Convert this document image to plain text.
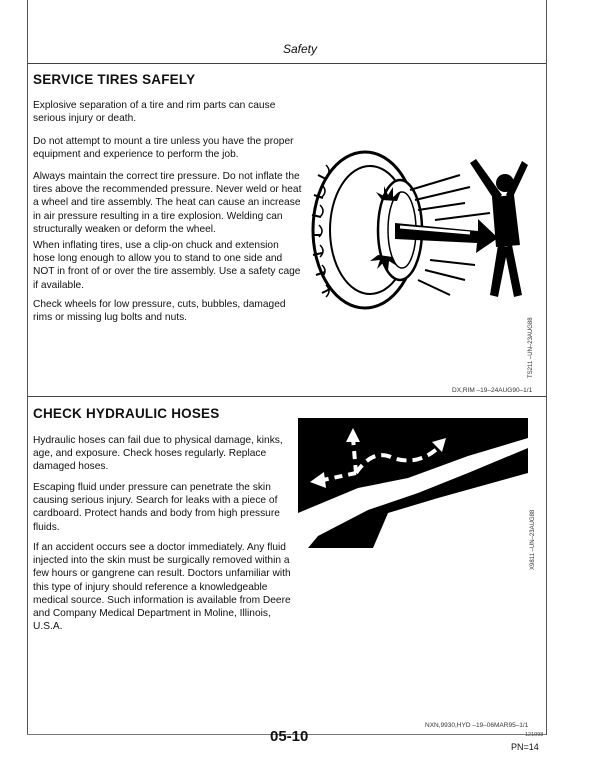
Safety
SERVICE TIRES SAFELY

Explosive separation of a tire and rim parts can cause serious injury or death.

Do not attempt to mount a tire unless you have the proper equipment and experience to perform the job.

Always maintain the correct tire pressure. Do not inflate the tires above the recommended pressure. Never weld or heat a wheel and tire assembly. The heat can cause an increase in air pressure resulting in a tire explosion. Welding can structurally weaken or deform the wheel.

When inflating tires, use a clip-on chuck and extension hose long enough to allow you to stand to one side and NOT in front of or over the tire assembly. Use a safety cage if available.

Check wheels for low pressure, cuts, bubbles, damaged rims or missing lug bolts and nuts.	TS211 –UN–23AUG88
DX,RIM –19–24AUG90–1/1
CHECK HYDRAULIC HOSES

Hydraulic hoses can fail due to physical damage, kinks, age, and exposure. Check hoses regularly. Replace damaged hoses.

Escaping fluid under pressure can penetrate the skin causing serious injury. Search for leaks with a piece of cardboard. Protect hands and body from high pressure fluids.

If an accident occurs see a doctor immediately. Any fluid injected into the skin must be surgically removed within a few hours or gangrene can result. Doctors unfamiliar with this type of injury should reference a knowledgeable medical source. Such information is available from Deere and Company Medical Department in Moline, Illinois, U.S.A.

X9811 –UN–23AUG88
NXN,9930,HYD –19–06MAR95–1/1
05-10	121998
PN=14
